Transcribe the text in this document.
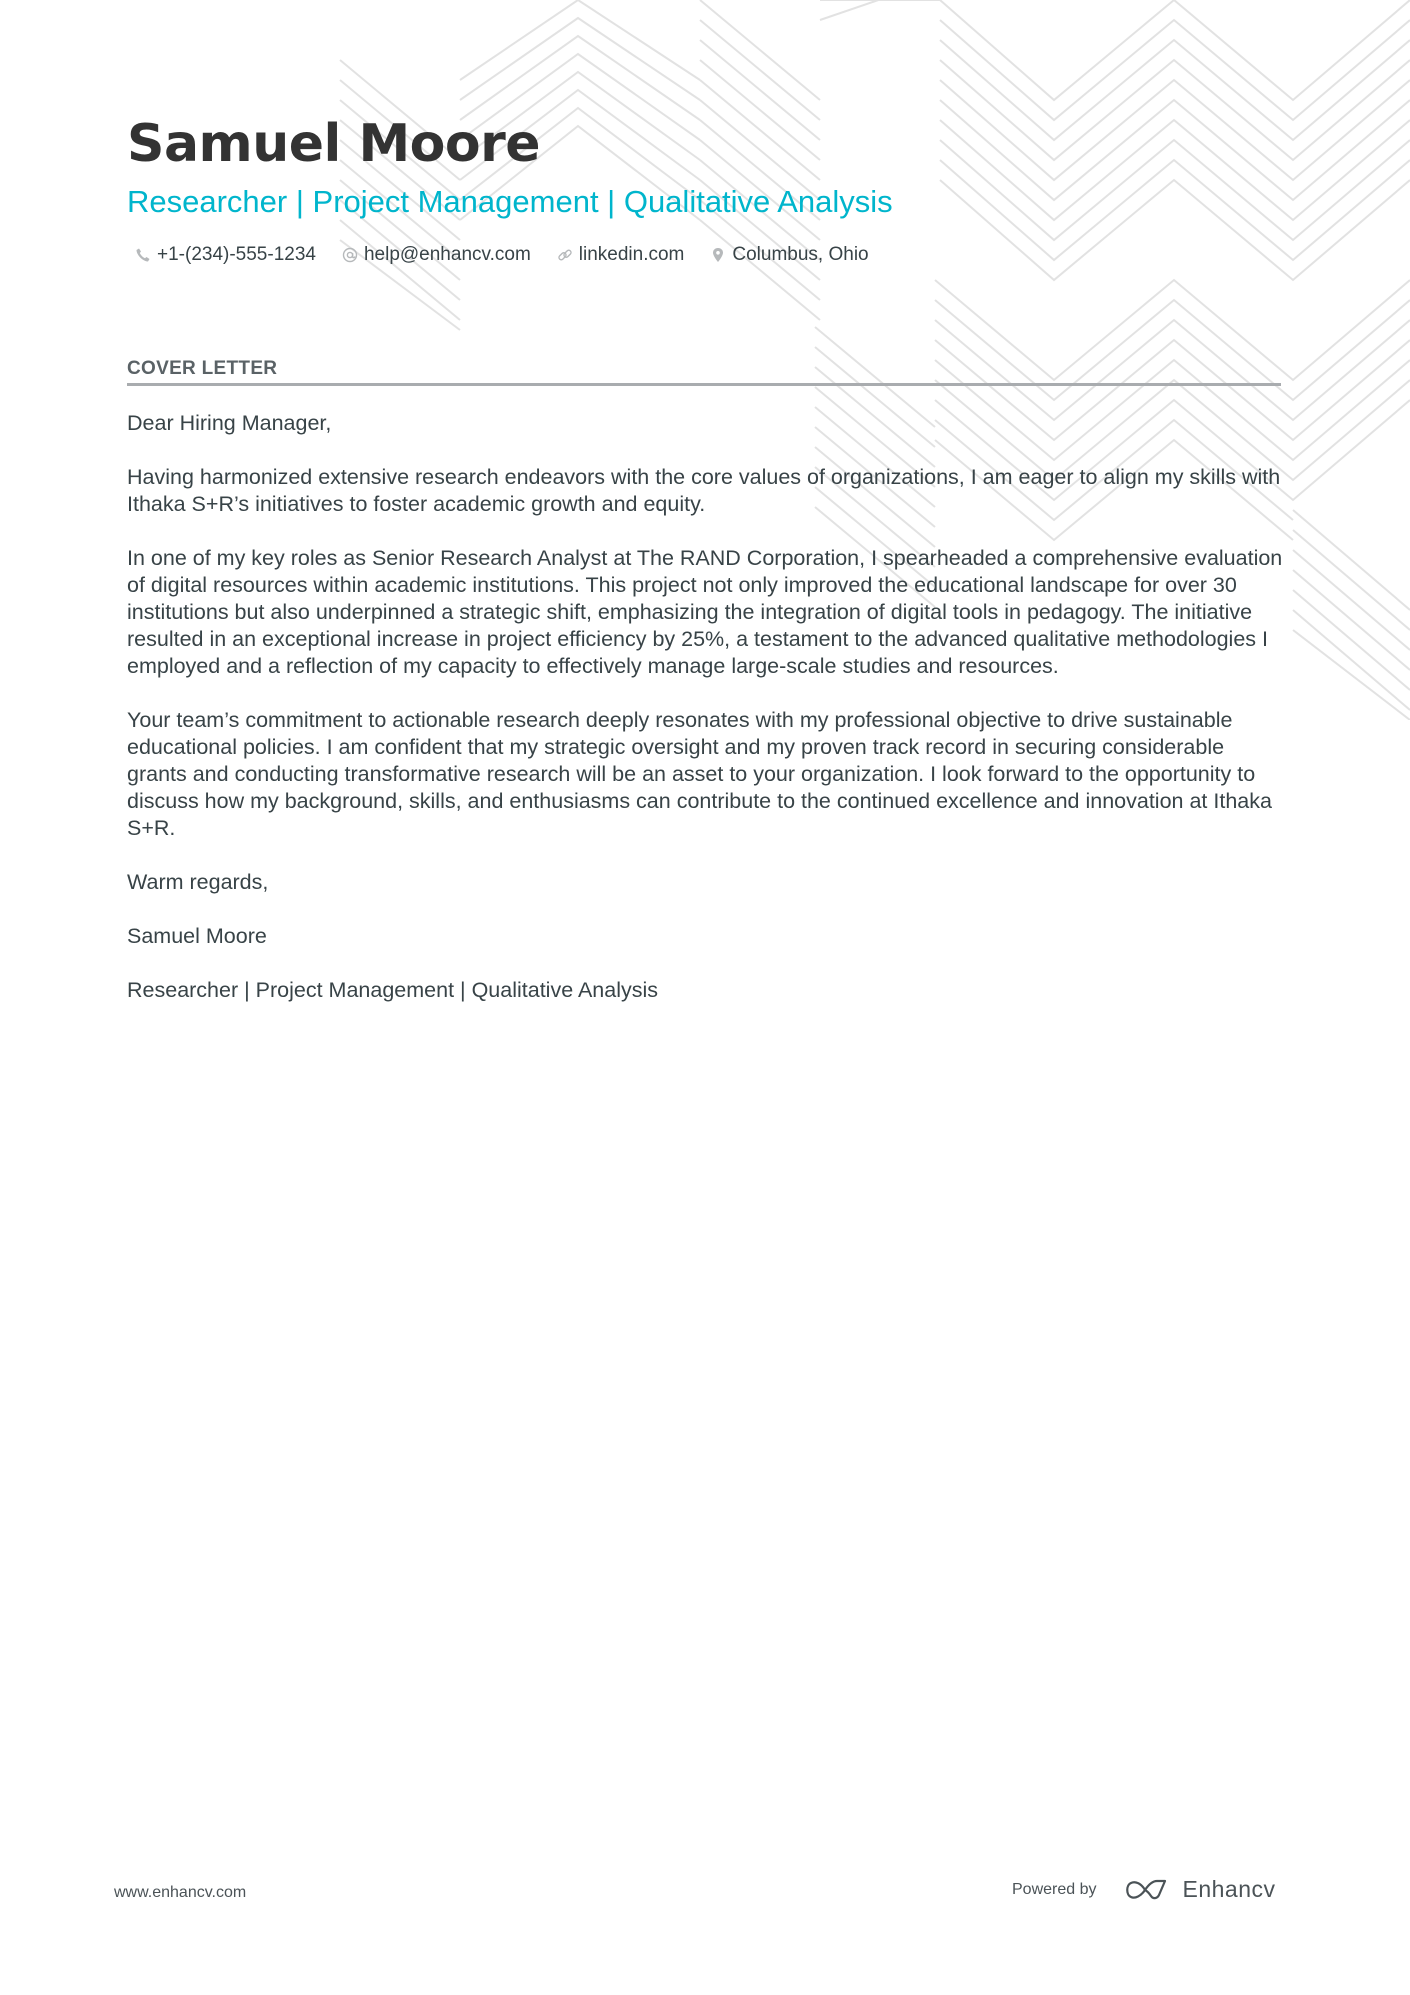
Samuel Moore
Researcher | Project Management | Qualitative Analysis
+1-(234)-555-1234	help@enhancv.com	linkedin.com	Columbus, Ohio
COVER LETTER

Dear Hiring Manager,

Having harmonized extensive research endeavors with the core values of organizations, I am eager to align my skills with Ithaka S+R’s initiatives to foster academic growth and equity.

In one of my key roles as Senior Research Analyst at The RAND Corporation, I spearheaded a comprehensive evaluation of digital resources within academic institutions. This project not only improved the educational landscape for over 30 institutions but also underpinned a strategic shift, emphasizing the integration of digital tools in pedagogy. The initiative resulted in an exceptional increase in project efficiency by 25%, a testament to the advanced qualitative methodologies I employed and a reflection of my capacity to effectively manage large-scale studies and resources.

Your team’s commitment to actionable research deeply resonates with my professional objective to drive sustainable educational policies. I am confident that my strategic oversight and my proven track record in securing considerable grants and conducting transformative research will be an asset to your organization. I look forward to the opportunity to discuss how my background, skills, and enthusiasms can contribute to the continued excellence and innovation at Ithaka S+R.

Warm regards,

Samuel Moore

Researcher | Project Management | Qualitative Analysis

www.enhancv.com	Powered by	Enhancv
